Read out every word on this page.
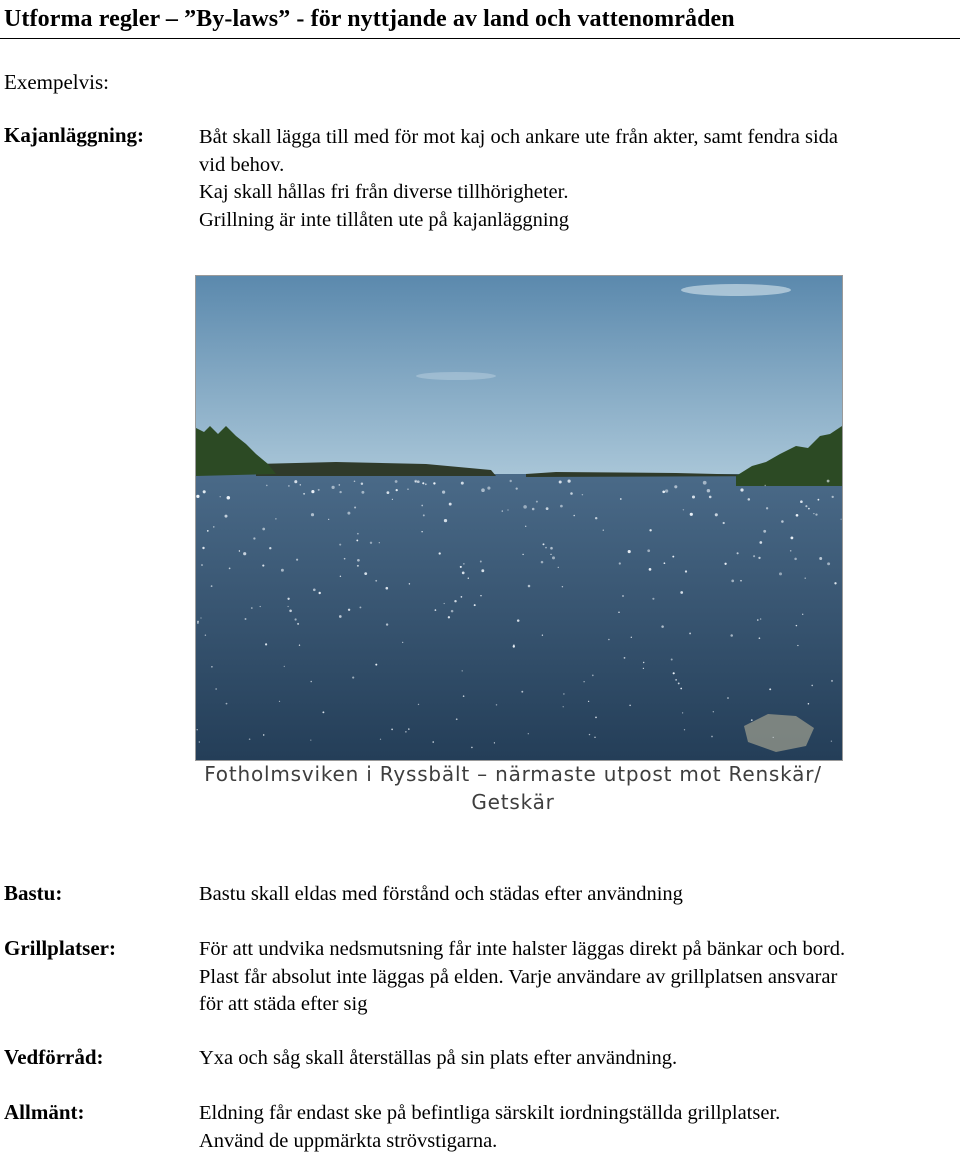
Utforma regler – ”By-laws” - för nyttjande av land och vattenområden
Exempelvis:
Kajanläggning:	Båt skall lägga till med för mot kaj och ankare ute från akter, samt fendra sida
vid behov.
Kaj skall hållas fri från diverse tillhörigheter.
Grillning är inte tillåten ute på kajanläggning
Fotholmsviken i Ryssbält – närmaste utpost mot Renskär/
Getskär
Bastu:	Bastu skall eldas med förstånd och städas efter användning
Grillplatser:	För att undvika nedsmutsning får inte halster läggas direkt på bänkar och bord.
Plast får absolut inte läggas på elden. Varje användare av grillplatsen ansvarar
för att städa efter sig
Vedförråd:	Yxa och såg skall återställas på sin plats efter användning.
Allmänt:	Eldning får endast ske på befintliga särskilt iordningställda grillplatser.
Använd de uppmärkta strövstigarna.
